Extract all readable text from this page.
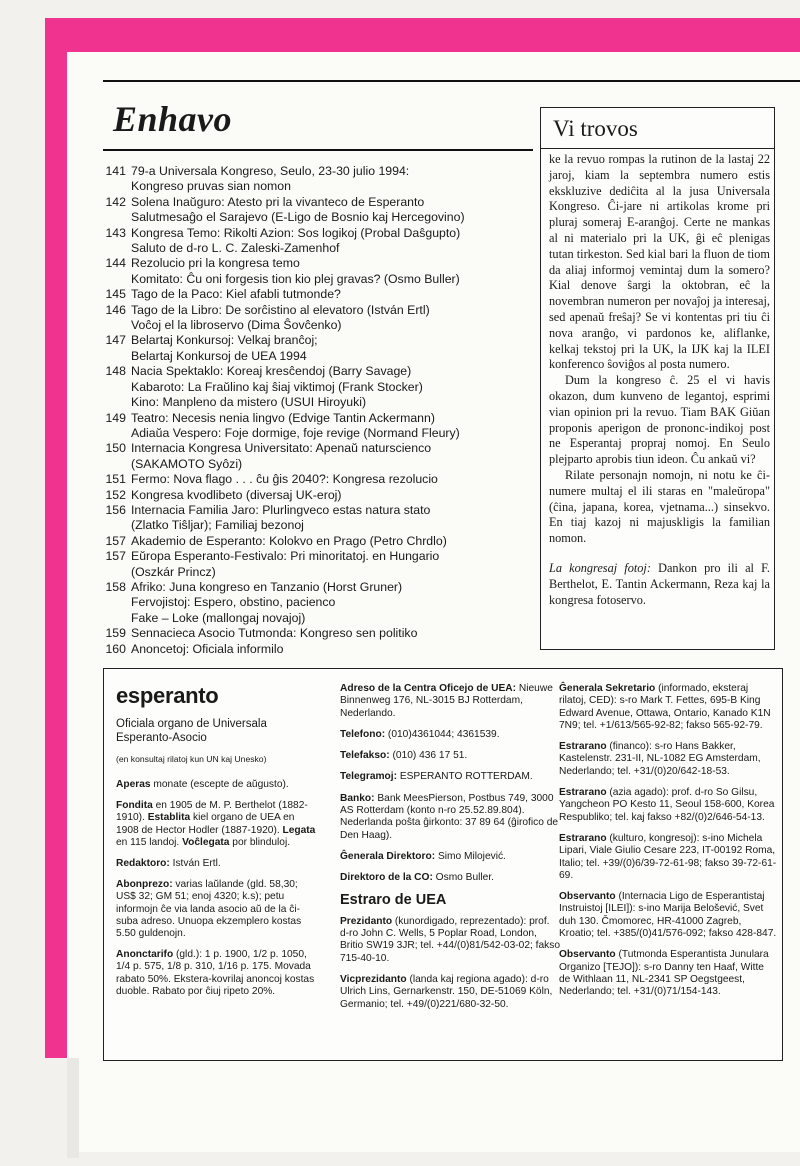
Enhavo
141 79-a Universala Kongreso, Seulo, 23-30 julio 1994:
Kongreso pruvas sian nomon
142 Solena Inaŭguro: Atesto pri la vivanteco de Esperanto
Salutmesaĝo el Sarajevo (E-Ligo de Bosnio kaj Hercegovino)
143 Kongresa Temo: Rikolti Azion: Sos logikoj (Probal Daŝgupto)
Saluto de d-ro L. C. Zaleski-Zamenhof
144 Rezolucio pri la kongresa temo
Komitato: Ĉu oni forgesis tion kio plej gravas? (Osmo Buller)
145 Tago de la Paco: Kiel afabli tutmonde?
146 Tago de la Libro: De sorĉistino al elevatoro (István Ertl)
Voĉoj el la libroservo (Dima Ŝovĉenko)
147 Belartaj Konkursoj: Velkaj branĉoj;
Belartaj Konkursoj de UEA 1994
148 Nacia Spektaklo: Koreaj kresĉendoj (Barry Savage)
Kabaroto: La Fraŭlino kaj ŝiaj viktimoj (Frank Stocker)
Kino: Manpleno da mistero (USUI Hiroyuki)
149 Teatro: Necesis nenia lingvo (Edvige Tantin Ackermann)
Adiaŭa Vespero: Foje dormige, foje revige (Normand Fleury)
150 Internacia Kongresa Universitato: Apenaŭ natursciencо
(SAKAMOTO Syôzi)
151 Fermo: Nova flago . . . ĉu ĝis 2040?: Kongresa rezolucio
152 Kongresa kvodlibeto (diversaj UK-eroj)
156 Internacia Familia Jaro: Plurlingveco estas natura stato
(Zlatko Tiŝljar); Familiaj bezonoj
157 Akademio de Esperanto: Kolokvo en Prago (Petro Chrdlo)
157 Eŭropa Esperanto-Festivalo: Pri minoritatoj. en Hungario
(Oszkár Princz)
158 Afriko: Juna kongreso en Tanzanio (Horst Gruner)
Fervojistoj: Espero, obstino, pacienco
Fake – Loke (mallongaj novajoj)
159 Sennacieca Asocio Tutmonda: Kongreso sen politiko
160 Anoncetoj: Oficiala informilo
Vi trovos

ke la revuo rompas la rutinon de la lastaj 22 jaroj, kiam la septembra numero estis ekskluzive dediĉita al la jusa Universala Kongreso. Ĉi-jare ni artikolas krome pri pluraj someraj E-aranĝoj. Certe ne mankas al ni materialo pri la UK, ĝi eĉ plenigas tutan tirkeston. Sed kial bari la fluon de tiom da aliaj informoj vemintaj dum la somero? Kial denove ŝargi la oktobran, eĉ la novembran numeron per novaĵoj ja interesaj, sed apenaŭ freŝaj? Se vi kontentas pri tiu ĉi nova aranĝo, vi pardonos ke, aliflanke, kelkaj tekstoj pri la UK, la IJK kaj la ILEI konferenco ŝoviĝos al posta numero.

Dum la kongreso ĉ. 25 el vi havis okazon, dum kunveno de legantoj, esprimi vian opinion pri la revuo. Tiam BAK Giŭan proponis aperigon de prononc-indikoj post ne Esperantaj propraj nomoj. En Seulo plejparto aprobis tiun ideon. Ĉu ankaŭ vi?

Rilate personajn nomojn, ni notu ke ĉi-numere multaj el ili staras en "maleŭropa" (ĉina, japana, korea, vjetnama...) sinsekvo. En tiaj kazoj ni majuskligis la familian nomon.

La kongresaj fotoj: Dankon pro ili al F. Berthelot, E. Tantin Ackermann, Reza kaj la kongresa fotoservo.

esperanto
Oficiala organo de Universala Esperanto-Asocio
(en konsultaj rilatoj kun UN kaj Unesko)
Aperas monate (escepte de aŭgusto).
Fondita en 1905 de M. P. Berthelot (1882-1910). Establita kiel organo de UEA en 1908 de Hector Hodler (1887-1920). Legata en 115 landoj. Voĉlegata por blinduloj.
Redaktoro: István Ertl.
Abonprezo: varias laŭlande (gld. 58,30; US$ 32; GM 51; enoj 4320; k.s); petu informojn ĉe via landa asocio aŭ de la ĉi-suba adreso. Unuopa ekzemplero kostas 5.50 guldenojn.
Anonctarifo (gld.): 1 p. 1900, 1/2 p. 1050, 1/4 p. 575, 1/8 p. 310, 1/16 p. 175. Movada rabato 50%. Ekstera-kovrilaj anoncoj kostas duoble. Rabato por ĉiuj ripeto 20%.
Adreso de la Centra Oficejo de UEA: Nieuwe Binnenweg 176, NL-3015 BJ Rotterdam, Nederlando.
Telefono: (010)4361044; 4361539.
Telefakso: (010) 436 17 51.
Telegramoj: ESPERANTO ROTTERDAM.
Banko: Bank MeesPierson, Postbus 749, 3000 AS Rotterdam (konto n-ro 25.52.89.804). Nederlanda poŝta ĝirkonto: 37 89 64 (ĝirofico de Den Haag).
Ĝenerala Direktoro: Simo Milojević.
Direktoro de la CO: Osmo Buller.
Estraro de UEA
Prezidanto (kunordigado, reprezentado): prof. d-ro John C. Wells, 5 Poplar Road, London, Britio SW19 3JR; tel. +44/(0)81/542-03-02; fakso 715-40-10.
Vicprezidanto (landa kaj regiona agado): d-ro Ulrich Lins, Gernarkenstr. 150, DE-51069 Köln, Germanio; tel. +49/(0)221/680-32-50.
Ĝenerala Sekretario (informado, eksteraj rilatoj, CED): s-ro Mark T. Fettes, 695-B King Edward Avenue, Ottawa, Ontario, Kanado K1N 7N9; tel. +1/613/565-92-82; fakso 565-92-79.
Estrarano (financo): s-ro Hans Bakker, Kastelenstr. 231-II, NL-1082 EG Amsterdam, Nederlando; tel. +31/(0)20/642-18-53.
Estrarano (azia agado): prof. d-ro So Gilsu, Yangcheon PO Kesto 11, Seoul 158-600, Korea Respubliko; tel. kaj fakso +82/(0)2/646-54-13.
Estrarano (kulturo, kongresoj): s-ino Michela Lipari, Viale Giulio Cesare 223, IT-00192 Roma, Italio; tel. +39/(0)6/39-72-61-98; fakso 39-72-61-69.
Observanto (Internacia Ligo de Esperantistaj Instruistoj [ILEI]): s-ino Marija Belošević, Svet duh 130. Čmomorec, HR-41000 Zagreb, Kroatio; tel. +385/(0)41/576-092; fakso 428-847.
Observanto (Tutmonda Esperantista Junulara Organizo [TEJO]): s-ro Danny ten Haaf, Witte de Withlaan 11, NL-2341 SP Oegstgeest, Nederlando; tel. +31/(0)71/154-143.
